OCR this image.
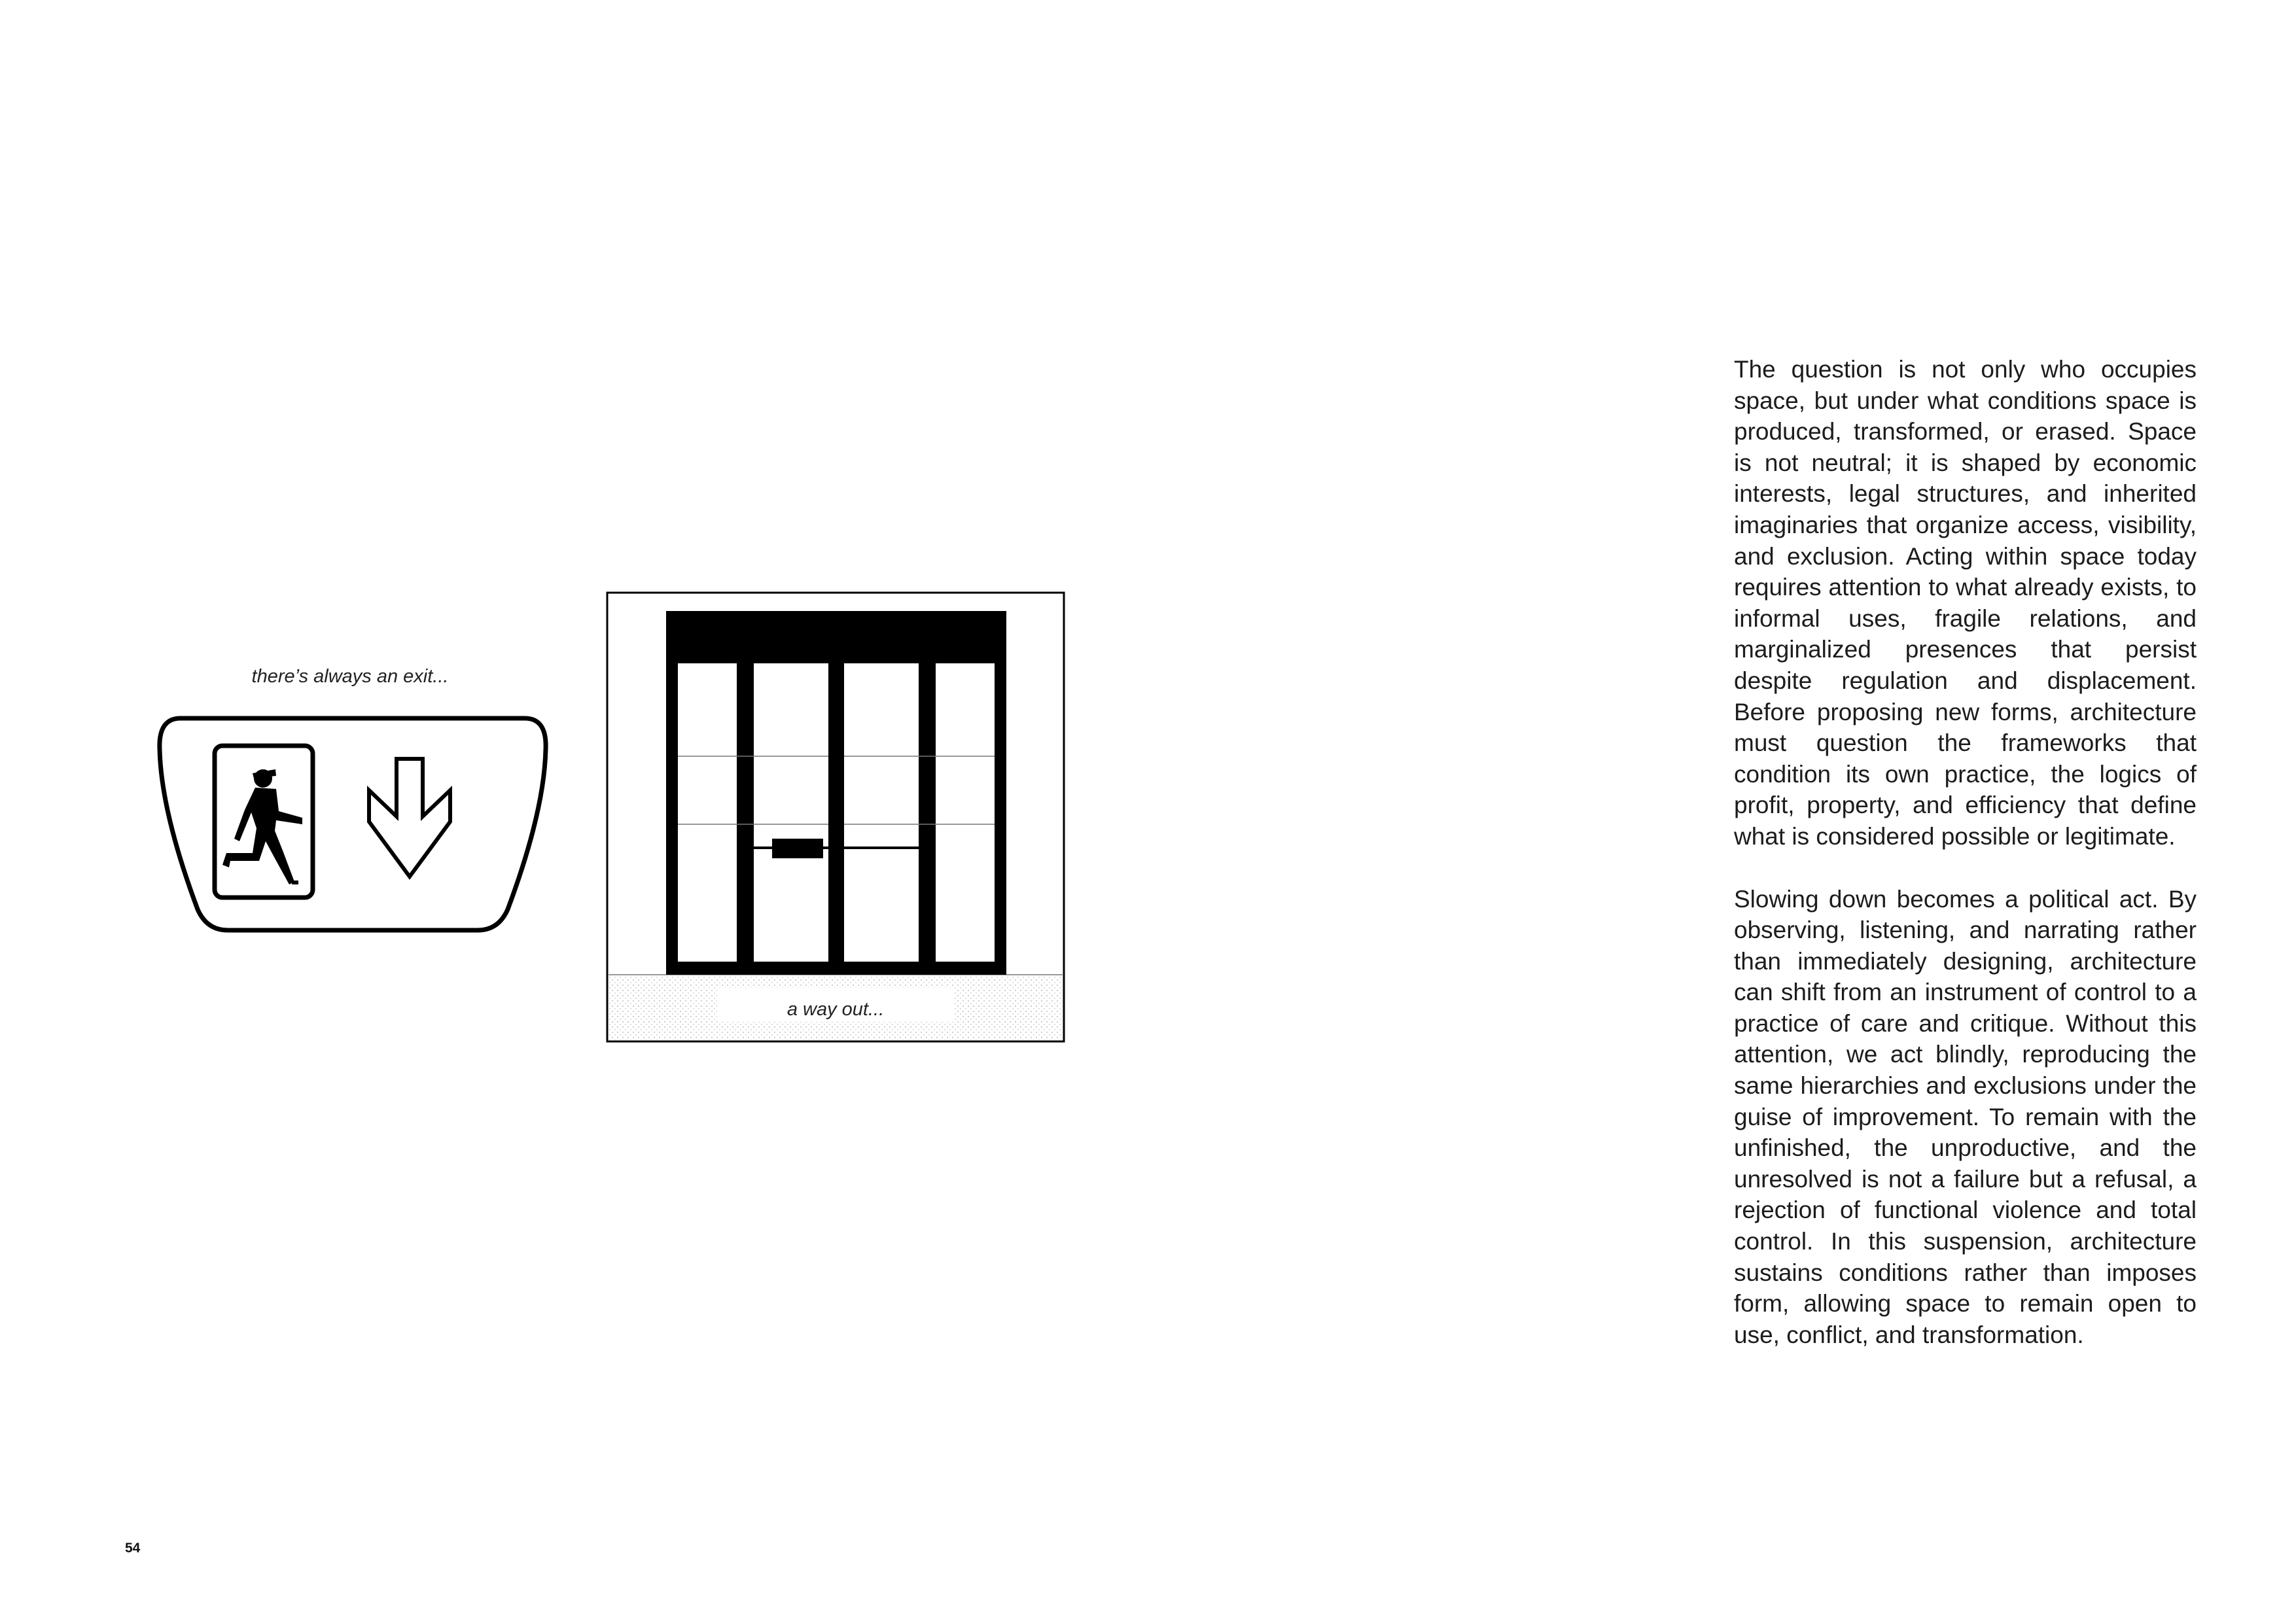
there’s always an exit...
a way out...

The question is not only who occupies space, but under what conditions space is produced, transformed, or erased. Space is not neutral; it is shaped by economic interests, legal structures, and inherited imaginaries that organize access, visibility, and exclusion. Acting within space today requires attention to what already exists, to informal uses, fragile relations, and marginalized presences that persist despite regulation and displacement. Before proposing new forms, architecture must question the frameworks that condition its own practice, the logics of profit, property, and efficiency that define what is considered possible or legitimate.

Slowing down becomes a political act. By observing, listening, and narrating rather than immediately designing, architecture can shift from an instrument of control to a practice of care and critique. Without this attention, we act blindly, reproducing the same hierarchies and exclusions under the guise of improvement. To remain with the unfinished, the unproductive, and the unresolved is not a failure but a refusal, a rejection of functional violence and total control. In this suspension, architecture sustains conditions rather than imposes form, allowing space to remain open to use, conflict, and transformation.

54
